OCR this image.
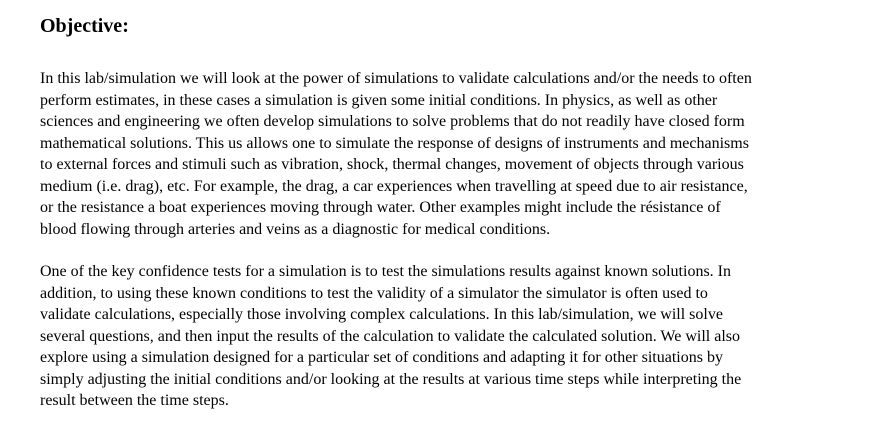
Objective:

In this lab/simulation we will look at the power of simulations to validate calculations and/or the needs to often
perform estimates, in these cases a simulation is given some initial conditions. In physics, as well as other
sciences and engineering we often develop simulations to solve problems that do not readily have closed form
mathematical solutions. This us allows one to simulate the response of designs of instruments and mechanisms
to external forces and stimuli such as vibration, shock, thermal changes, movement of objects through various
medium (i.e. drag), etc. For example, the drag, a car experiences when travelling at speed due to air resistance,
or the resistance a boat experiences moving through water. Other examples might include the résistance of
blood flowing through arteries and veins as a diagnostic for medical conditions.

One of the key confidence tests for a simulation is to test the simulations results against known solutions. In
addition, to using these known conditions to test the validity of a simulator the simulator is often used to
validate calculations, especially those involving complex calculations. In this lab/simulation, we will solve
several questions, and then input the results of the calculation to validate the calculated solution. We will also
explore using a simulation designed for a particular set of conditions and adapting it for other situations by
simply adjusting the initial conditions and/or looking at the results at various time steps while interpreting the
result between the time steps.
